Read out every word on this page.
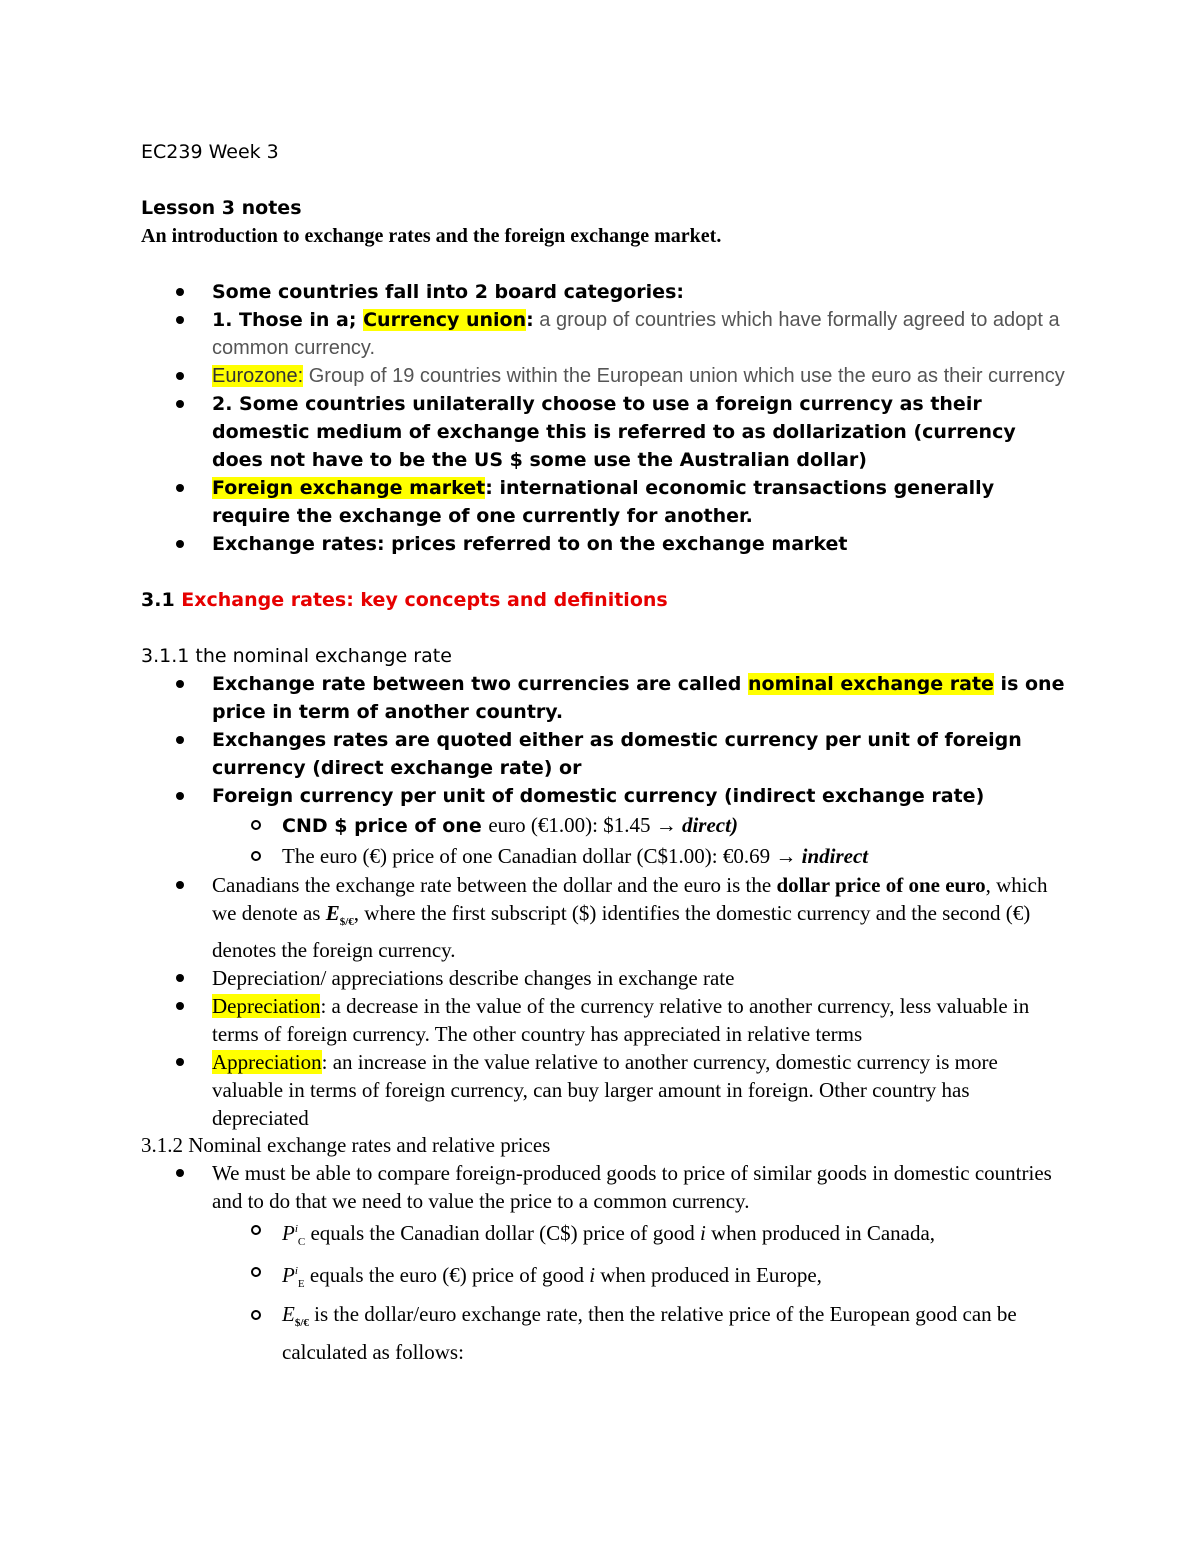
EC239 Week 3

Lesson 3 notes

An introduction to exchange rates and the foreign exchange market.

Some countries fall into 2 board categories:
1. Those in a; Currency union: a group of countries which have formally agreed to adopt a common currency.
Eurozone: Group of 19 countries within the European union which use the euro as their currency
2. Some countries unilaterally choose to use a foreign currency as their domestic medium of exchange this is referred to as dollarization (currency does not have to be the US $ some use the Australian dollar)
Foreign exchange market: international economic transactions generally require the exchange of one currently for another.
Exchange rates: prices referred to on the exchange market

3.1 Exchange rates: key concepts and definitions

3.1.1 the nominal exchange rate

Exchange rate between two currencies are called nominal exchange rate is one price in term of another country.
Exchanges rates are quoted either as domestic currency per unit of foreign currency (direct exchange rate) or
Foreign currency per unit of domestic currency (indirect exchange rate)
CND $ price of one euro (€1.00): $1.45 → direct)
The euro (€) price of one Canadian dollar (C$1.00): €0.69 → indirect
Canadians the exchange rate between the dollar and the euro is the dollar price of one euro, which we denote as $E_{\$/€}$, where the first subscript ($) identifies the domestic currency and the second (€) denotes the foreign currency.
Depreciation/ appreciations describe changes in exchange rate
Depreciation: a decrease in the value of the currency relative to another currency, less valuable in terms of foreign currency. The other country has appreciated in relative terms
Appreciation: an increase in the value relative to another currency, domestic currency is more valuable in terms of foreign currency, can buy larger amount in foreign. Other country has depreciated

3.1.2 Nominal exchange rates and relative prices

We must be able to compare foreign-produced goods to price of similar goods in domestic countries and to do that we need to value the price to a common currency.
$P^i_C$ equals the Canadian dollar (C$) price of good i when produced in Canada,
$P^i_E$ equals the euro (€) price of good i when produced in Europe,
$E_{\$/€}$ is the dollar/euro exchange rate, then the relative price of the European good can be calculated as follows:
